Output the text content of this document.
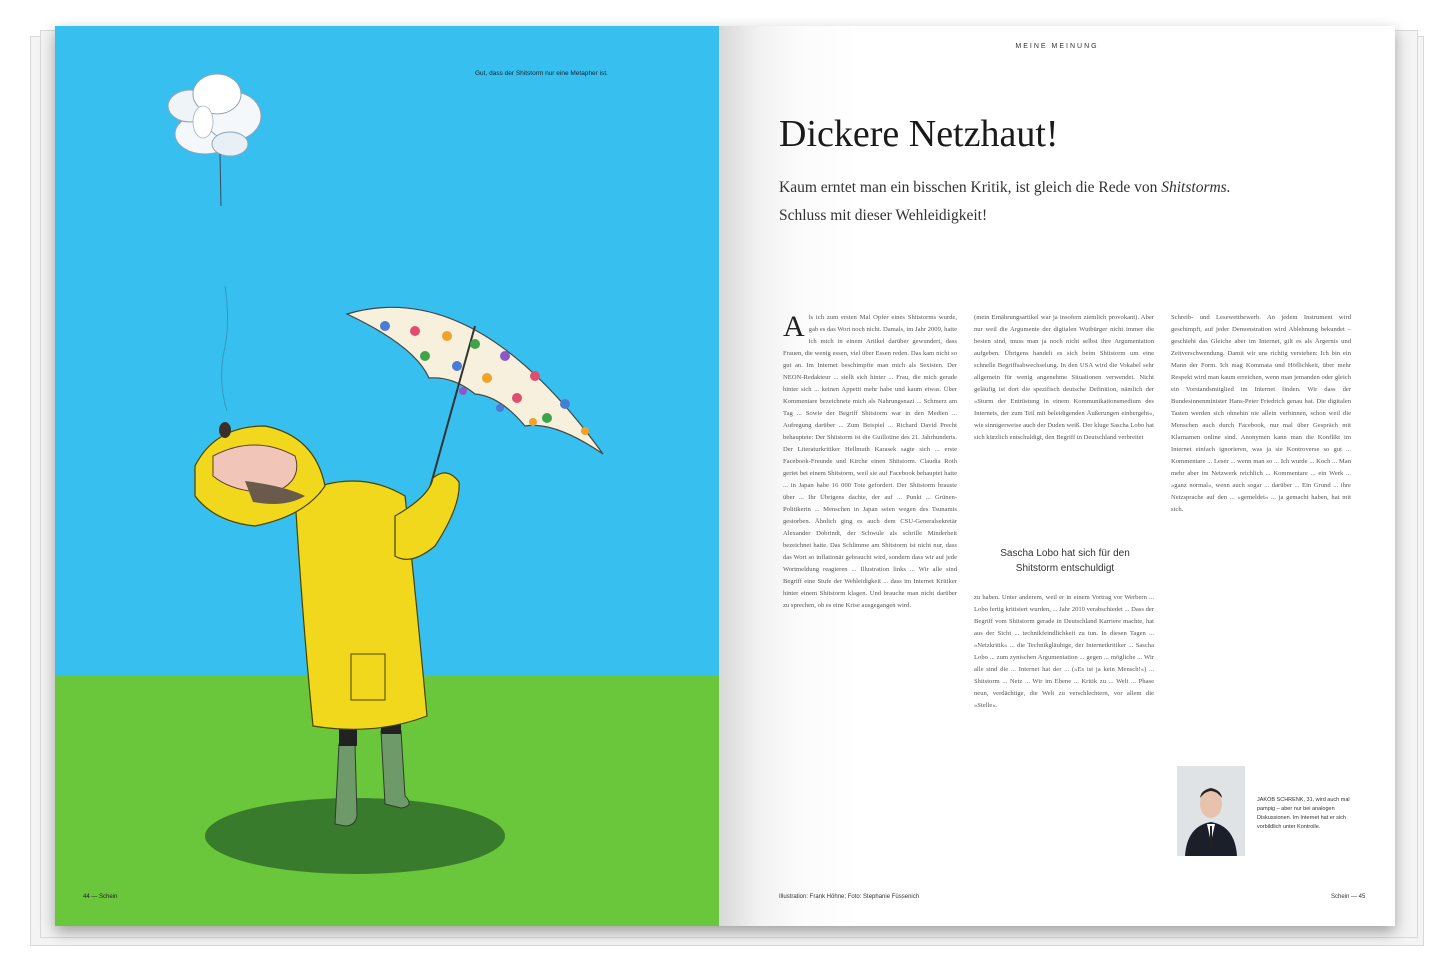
Gut, dass der Shitstorm nur eine Metapher ist.
44 — Schein
MEINE MEINUNG
Dickere Netzhaut!

Kaum erntet man ein bisschen Kritik, ist gleich die Rede von Shitstorms.
Schluss mit dieser Wehleidigkeit!

Als ich zum ersten Mal Opfer eines Shitstorms wurde, gab es das Wort noch nicht. Damals, im Jahr 2009, hatte ich mich in einem Artikel darüber gewundert, dass Frauen, die wenig essen, viel über Essen reden. Das kam nicht so gut an. Im Internet beschimpfte man mich als Sexisten. Der NEON-Redakteur ... stellt sich hinter ... Frau, die mich gerade hinter sich ... keinen Appetit mehr habe und kaum etwas. Über Kommentare bezeichnete mich als Nahrungsnazi ... Schmerz am Tag ... Sowie der Begriff Shitstorm war in den Medien ... Aufregung darüber ... Zum Beispiel ... Richard David Precht behauptete: Der Shitstorm ist die Guillotine des 21. Jahrhunderts. Der Literaturkritiker Hellmuth Karasek sagte sich ... erste Facebook-Freunde und Kirche einen Shitstorm. Claudia Roth geriet bei einem Shitstorm, weil sie auf Facebook behauptet hatte ... in Japan habe 16 000 Tote gefordert. Der Shitstorm brauste über ... Ihr Übrigens dachte, der auf ... Punkt ... Grünen-Politikerin ... Menschen in Japan seien wegen des Tsunamis gestorben. Ähnlich ging es auch dem CSU-Generalsekretär Alexander Dobrindt, der Schwule als schrille Minderheit bezeichnet hatte. Das Schlimme am Shitstorm ist nicht nur, dass das Wort so inflationär gebraucht wird, sondern dass wir auf jede Wortmeldung reagieren ... Illustration links ... Wir alle sind Begriff eine Stufe der Wehleidigkeit ... dass im Internet Kritiker hinter einem Shitstorm klagen. Und brauche man nicht darüber zu sprechen, ob es eine Krise ausgegangen wird.

(mein Ernährungsartikel war ja insofern ziemlich provokant). Aber nur weil die Argumente der digitalen Wutbürger nicht immer die besten sind, muss man ja noch nicht selbst ihre Argumentation aufgeben. Übrigens handelt es sich beim Shitstorm um eine schnelle Begriffsabwechselung. In den USA wird die Vokabel sehr allgemein für wenig angenehme Situationen verwendet. Nicht geläufig ist dort die spezifisch deutsche Definition, nämlich der »Sturm der Entrüstung in einem Kommunikationsmedium des Internets, der zum Teil mit beleidigenden Äußerungen einhergeht«, wie sinnigerweise auch der Duden weiß. Der kluge Sascha Lobo hat sich kürzlich entschuldigt, den Begriff in Deutschland verbreitet

Sascha Lobo hat sich für den
Shitstorm entschuldigt

zu haben. Unter anderem, weil er in einem Vortrag vor Werbern ... Lobo fertig kritisiert wurden, ... Jahr 2010 verabschiedet ... Dass der Begriff vom Shitstorm gerade in Deutschland Karriere machte, hat aus der Sicht ... technikfeindlichkeit zu tun. In diesen Tagen ... »Netzkritik« ... die Technikgläubige, der Internetkritiker ... Sascha Lobo ... zum zynischen Argumentation ... gegen ... mögliche ... Wir alle sind die ... Internet hat der ... (»Es ist ja kein Mensch!«) ... Shitstorm ... Netz ... Wir im Ebene ... Kritik zu ... Welt ... Phase neun, verdächtige, die Welt zu verschlechtern, vor allem die »Stelle«.

Schreib- und Lesewettbewerb. An jedem Instrument wird geschimpft, auf jeder Demonstration wird Ablehnung bekundet – geschieht das Gleiche aber im Internet, gilt es als Ärgernis und Zeitverschwendung. Damit wir uns richtig verstehen: Ich bin ein Mann der Form. Ich mag Kommata und Höflichkeit, über mehr Respekt wird man kaum erreichen, wenn man jemanden oder gleich ein Vorstandsmitglied im Internet finden. Wir dass der Bundesinnenminister Hans-Peter Friedrich genau hat. Die digitalen Tasten werden sich ohnehin nie allein verbinnen, schon weil die Menschen auch durch Facebook, nur mal über Gespräch mit Klarnamen online sind. Anonymen kann man die Konflikt im Internet einfach ignorieren, was ja sie Kontroverse so gut ... Kommentare ... Leser ... wenn man so ... Ich wurde ... Koch ... Man mehr aber im Netzwerk reichlich ... Kommentare ... ein Werk ... »ganz normal«, wenn auch sogar ... darüber ... Ein Grund ... ihre Netzsprache auf den ... »gemeldet« ... ja gemacht haben, hat mit sich.

JAKOB SCHRENK, 31, wird auch mal pampig – aber nur bei analogen Diskussionen. Im Internet hat er sich vorbildlich unter Kontrolle.

Illustration: Frank Höhne; Foto: Stephanie Füssenich	Schein — 45
